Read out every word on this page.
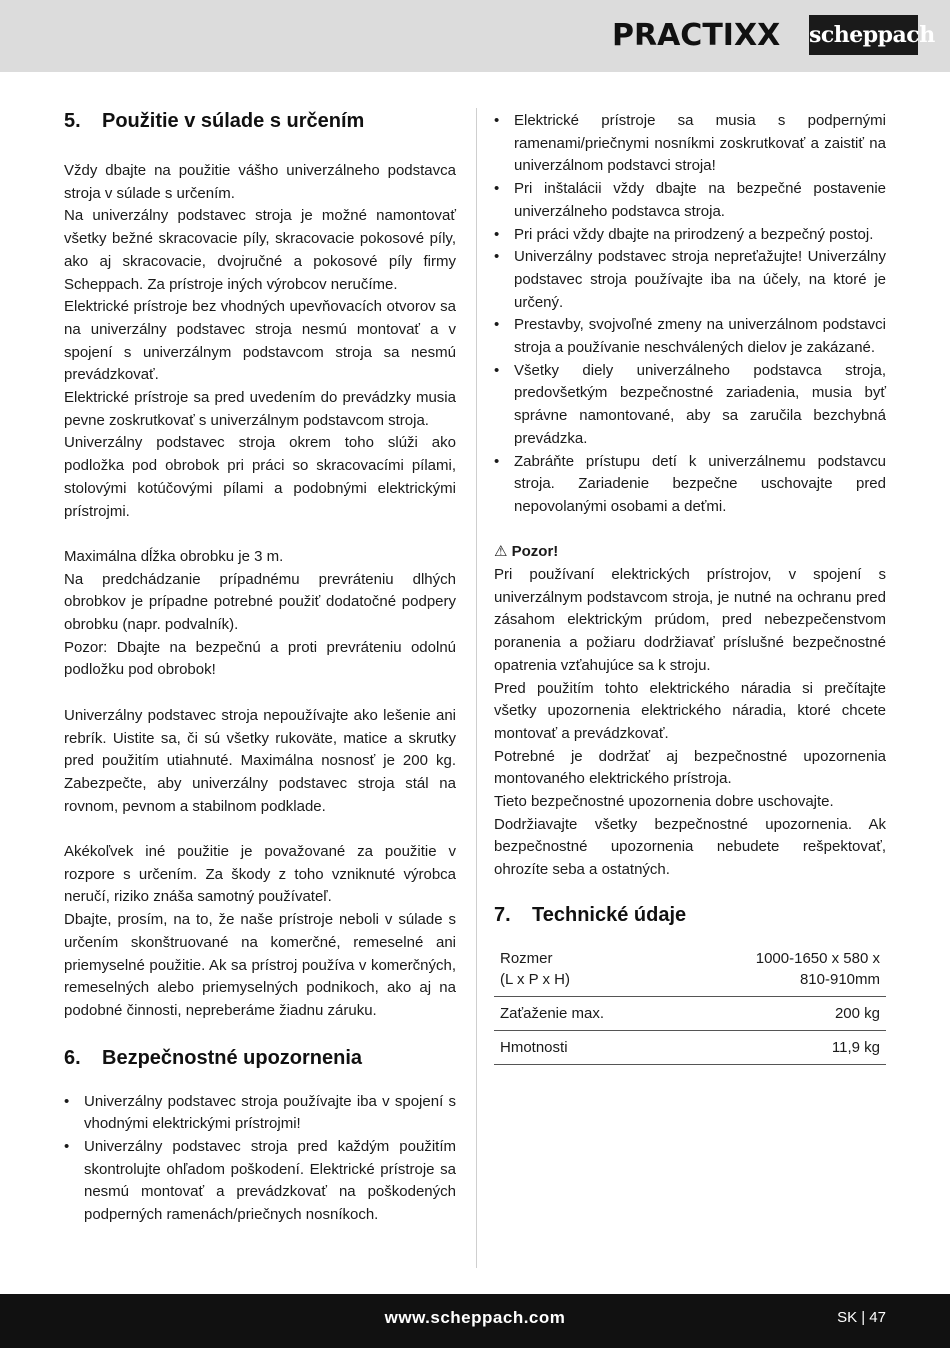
PRACTIXX scheppach
5.	Použitie v súlade s určením

Vždy dbajte na použitie vášho univerzálneho podstavca stroja v súlade s určením.

Na univerzálny podstavec stroja je možné namontovať všetky bežné skracovacie píly, skracovacie pokosové píly, ako aj skracovacie, dvojručné a pokosové píly firmy Scheppach. Za prístroje iných výrobcov neručíme.

Elektrické prístroje bez vhodných upevňovacích otvorov sa na univerzálny podstavec stroja nesmú montovať a v spojení s univerzálnym podstavcom stroja sa nesmú prevádzkovať.

Elektrické prístroje sa pred uvedením do prevádzky musia pevne zoskrutkovať s univerzálnym podstavcom stroja.

Univerzálny podstavec stroja okrem toho slúži ako podložka pod obrobok pri práci so skracovacími pílami, stolovými kotúčovými pílami a podobnými elektrickými prístrojmi.

Maximálna dĺžka obrobku je 3 m.

Na predchádzanie prípadnému prevráteniu dlhých obrobkov je prípadne potrebné použiť dodatočné podpery obrobku (napr. podvalník).

Pozor: Dbajte na bezpečnú a proti prevráteniu odolnú podložku pod obrobok!

Univerzálny podstavec stroja nepoužívajte ako lešenie ani rebrík. Uistite sa, či sú všetky rukoväte, matice a skrutky pred použitím utiahnuté. Maximálna nosnosť je 200 kg. Zabezpečte, aby univerzálny podstavec stroja stál na rovnom, pevnom a stabilnom podklade.

Akékoľvek iné použitie je považované za použitie v rozpore s určením. Za škody z toho vzniknuté výrobca neručí, riziko znáša samotný používateľ.

Dbajte, prosím, na to, že naše prístroje neboli v súlade s určením skonštruované na komerčné, remeselné ani priemyselné použitie. Ak sa prístroj používa v komerčných, remeselných alebo priemyselných podnikoch, ako aj na podobné činnosti, nepreberáme žiadnu záruku.

6.	Bezpečnostné upozornenia
• Univerzálny podstavec stroja používajte iba v spojení s vhodnými elektrickými prístrojmi!
• Univerzálny podstavec stroja pred každým použitím skontrolujte ohľadom poškodení. Elektrické prístroje sa nesmú montovať a prevádzkovať na poškodených podperných ramenách/priečnych nosníkoch.
• Elektrické prístroje sa musia s podpernými ramenami/priečnymi nosníkmi zoskrutkovať a zaistiť na univerzálnom podstavci stroja!
• Pri inštalácii vždy dbajte na bezpečné postavenie univerzálneho podstavca stroja.
• Pri práci vždy dbajte na prirodzený a bezpečný postoj.
• Univerzálny podstavec stroja nepreťažujte! Univerzálny podstavec stroja používajte iba na účely, na ktoré je určený.
• Prestavby, svojvoľné zmeny na univerzálnom podstavci stroja a používanie neschválených dielov je zakázané.
• Všetky diely univerzálneho podstavca stroja, predovšetkým bezpečnostné zariadenia, musia byť správne namontované, aby sa zaručila bezchybná prevádzka.
• Zabráňte prístupu detí k univerzálnemu podstavcu stroja. Zariadenie bezpečne uschovajte pred nepovolanými osobami a deťmi.

⚠ Pozor!

Pri používaní elektrických prístrojov, v spojení s univerzálnym podstavcom stroja, je nutné na ochranu pred zásahom elektrickým prúdom, pred nebezpečenstvom poranenia a požiaru dodržiavať príslušné bezpečnostné opatrenia vzťahujúce sa k stroju.

Pred použitím tohto elektrického náradia si prečítajte všetky upozornenia elektrického náradia, ktoré chcete montovať a prevádzkovať.

Potrebné je dodržať aj bezpečnostné upozornenia montovaného elektrického prístroja.

Tieto bezpečnostné upozornenia dobre uschovajte.

Dodržiavajte všetky bezpečnostné upozornenia. Ak bezpečnostné upozornenia nebudete rešpektovať, ohrozíte seba a ostatných.

7.	Technické údaje
Rozmer
(L x P x H)	1000-1650 x 580 x
810-910mm
Zaťaženie max.	200 kg
Hmotnosti	11,9 kg
www.scheppach.com	SK | 47
